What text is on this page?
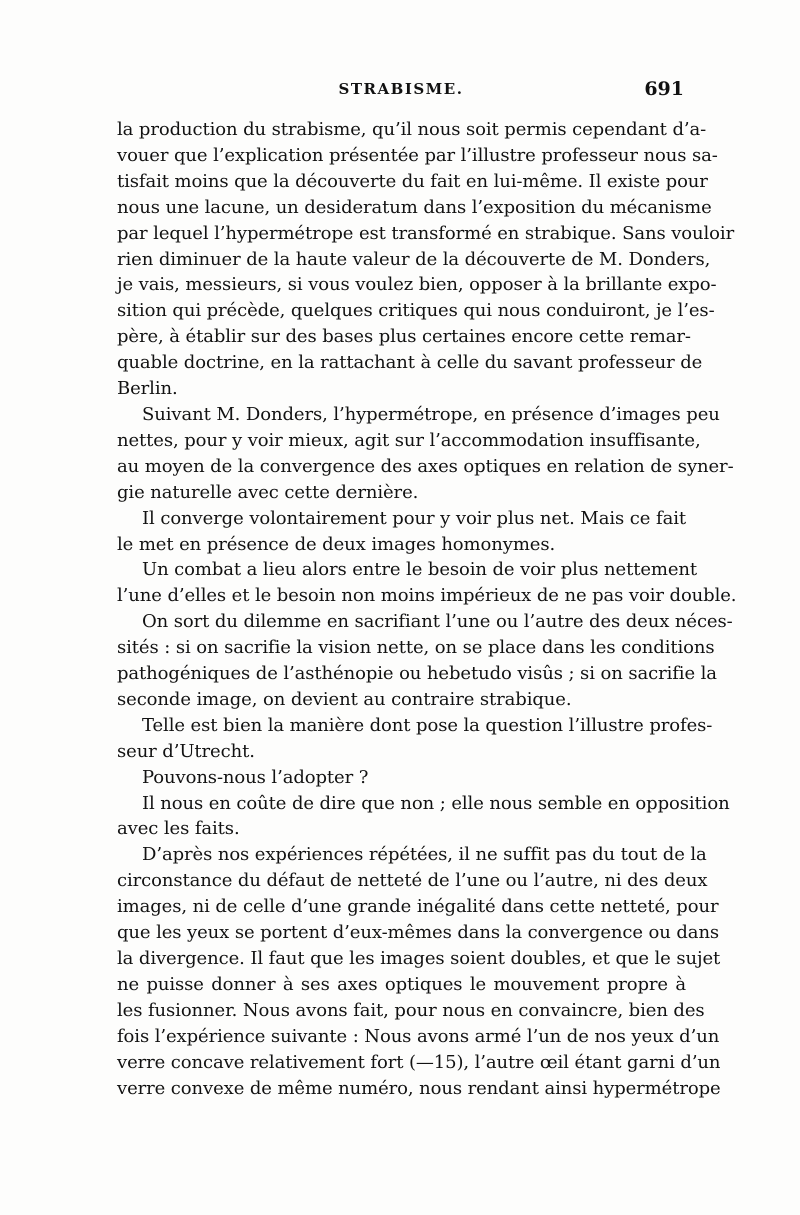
STRABISME.	691
la production du strabisme, qu’il nous soit permis cependant d’a-
vouer que l’explication présentée par l’illustre professeur nous sa-
tisfait moins que la découverte du fait en lui-même. Il existe pour
nous une lacune, un desideratum dans l’exposition du mécanisme
par lequel l’hypermétrope est transformé en strabique. Sans vouloir
rien diminuer de la haute valeur de la découverte de M. Donders,
je vais, messieurs, si vous voulez bien, opposer à la brillante expo-
sition qui précède, quelques critiques qui nous conduiront, je l’es-
père, à établir sur des bases plus certaines encore cette remar-
quable doctrine, en la rattachant à celle du savant professeur de
Berlin.
Suivant M. Donders, l’hypermétrope, en présence d’images peu
nettes, pour y voir mieux, agit sur l’accommodation insuffisante,
au moyen de la convergence des axes optiques en relation de syner-
gie naturelle avec cette dernière.
Il converge volontairement pour y voir plus net. Mais ce fait
le met en présence de deux images homonymes.
Un combat a lieu alors entre le besoin de voir plus nettement
l’une d’elles et le besoin non moins impérieux de ne pas voir double.
On sort du dilemme en sacrifiant l’une ou l’autre des deux néces-
sités : si on sacrifie la vision nette, on se place dans les conditions
pathogéniques de l’asthénopie ou hebetudo visûs ; si on sacrifie la
seconde image, on devient au contraire strabique.
Telle est bien la manière dont pose la question l’illustre profes-
seur d’Utrecht.
Pouvons-nous l’adopter ?
Il nous en coûte de dire que non ; elle nous semble en opposition
avec les faits.
D’après nos expériences répétées, il ne suffit pas du tout de la
circonstance du défaut de netteté de l’une ou l’autre, ni des deux
images, ni de celle d’une grande inégalité dans cette netteté, pour
que les yeux se portent d’eux-mêmes dans la convergence ou dans
la divergence. Il faut que les images soient doubles, et que le sujet
ne puisse donner à ses axes optiques le mouvement propre à
les fusionner. Nous avons fait, pour nous en convaincre, bien des
fois l’expérience suivante : Nous avons armé l’un de nos yeux d’un
verre concave relativement fort (—15), l’autre œil étant garni d’un
verre convexe de même numéro, nous rendant ainsi hypermétrope
